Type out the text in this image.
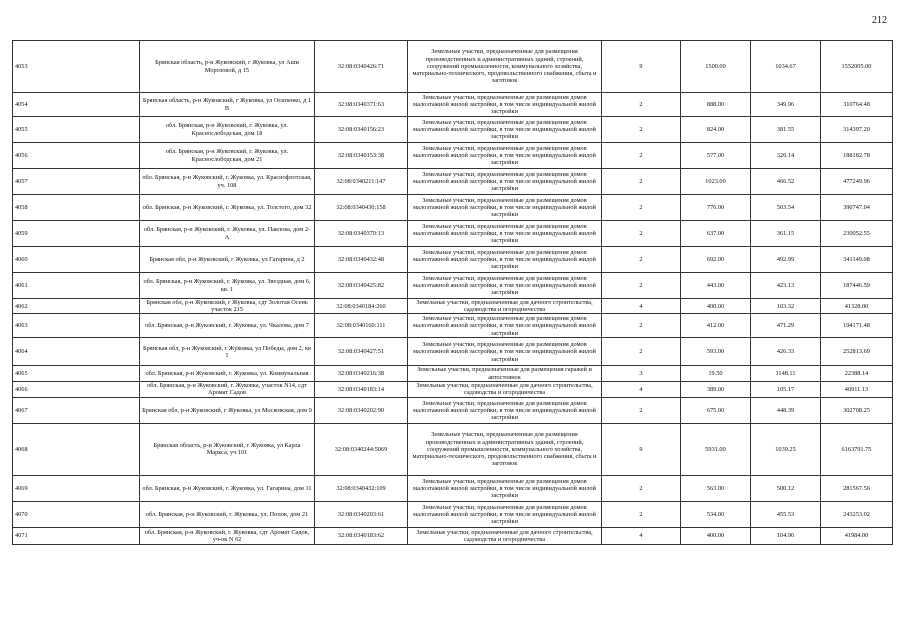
212
4053	Брянская область, р-н Жуковский, г Жуковка, ул Аши Морозовой, д 15	32:08:0340426:71	Земельные участки, предназначенные для размещения производственных и административных зданий, строений, сооружений промышленности, коммунального хозяйства, материально-технического, продовольственного снабжения, сбыта и заготовок	9	1500.00	1034.67	1552005.00
4054	Брянская область, р-н Жуковский, г Жуковка, ул Осипенко, д 1 В	32:08:0340371:63	Земельные участки, предназначенные для размещения домов малоэтажной жилой застройки, в том числе индивидуальной жилой застройки	2	888.00	349.96	310764.48
4055	обл. Брянская, р-н Жуковский, г. Жуковка, ул. Краснослободская, дом 18	32:08:0340156:23	Земельные участки, предназначенные для размещения домов малоэтажной жилой застройки, в том числе индивидуальной жилой застройки	2	824.00	381.55	314397.20
4056	обл. Брянская, р-н Жуковский, г. Жуковка, ул. Краснослободская, дом 21	32:08:0340153:38	Земельные участки, предназначенные для размещения домов малоэтажной жилой застройки, в том числе индивидуальной жилой застройки	2	577.00	326.14	188182.78
4057	обл. Брянская, р-н Жуковский, г. Жуковка, ул. Краснофлотская, уч. 108	32:08:0340211:147	Земельные участки, предназначенные для размещения домов малоэтажной жилой застройки, в том числе индивидуальной жилой застройки	2	1023.00	466.52	477249.96
4058	обл. Брянская, р-н Жуковский, г. Жуковка, ул. Толстого, дом 32	32:08:0340430:158	Земельные участки, предназначенные для размещения домов малоэтажной жилой застройки, в том числе индивидуальной жилой застройки	2	776.00	503.54	390747.04
4059	обл. Брянская, р-н Жуковский, г. Жуковка, ул. Павлова, дом 2-А	32:08:0340370:13	Земельные участки, предназначенные для размещения домов малоэтажной жилой застройки, в том числе индивидуальной жилой застройки	2	637.00	361.15	230052.55
4060	Брянская обл, р-н Жуковский, г Жуковка, ул Гагарина, д 2	32:08:0340432:48	Земельные участки, предназначенные для размещения домов малоэтажной жилой застройки, в том числе индивидуальной жилой застройки	2	692.00	492.99	341149.08
4061	обл. Брянская, р-н Жуковский, г. Жуковка, ул. Звездная, дом 6, кв. 1	32:08:0340425:82	Земельные участки, предназначенные для размещения домов малоэтажной жилой застройки, в том числе индивидуальной жилой застройки	2	443.00	423.13	187446.59
4062	Брянская обл, р-н Жуковский, г Жуковка, сдт Золотая Осень участок 215	32:08:0340184:260	Земельные участки, предназначенные для дачного строительства, садоводства и огородничества	4	400.00	103.32	41328.00
4063	обл. Брянская, р-н Жуковский, г. Жуковка, ул. Чкалова, дом 7	32:08:0340160:111	Земельные участки, предназначенные для размещения домов малоэтажной жилой застройки, в том числе индивидуальной жилой застройки	2	412.00	471.29	194171.48
4064	Брянская обл, р-н Жуковский, г Жуковка, ул Победы, дом 2, кв 1	32:08:0340427:51	Земельные участки, предназначенные для размещения домов малоэтажной жилой застройки, в том числе индивидуальной жилой застройки	2	593.00	426.33	252813.69
4065	обл. Брянская, р-н Жуковский, г. Жуковка, ул. Коммунальная	32:08:0340216:38	Земельные участки, предназначенные для размещения гаражей и автостоянок	3	19.50	1148.11	22388.14
4066	обл. Брянская, р-н Жуковский, г. Жуковка, участок N14, сдт Аромат Садов	32:08:0340183:14	Земельные участки, предназначенные для дачного строительства, садоводства и огородничества	4	389.00	105.17	40911.13
4067	Брянская обл, р-н Жуковский, г Жуковка, ул Московская, дом 9	32:08:0340202:90	Земельные участки, предназначенные для размещения домов малоэтажной жилой застройки, в том числе индивидуальной жилой застройки	2	675.00	448.39	302708.25
4068	Брянская область, р-н Жуковский, г Жуковка, ул Карла Маркса, уч 101	32:08:0340244:5069	Земельные участки, предназначенные для размещения производственных и административных зданий, строений, сооружений промышленности, коммунального хозяйства, материально-технического, продовольственного снабжения, сбыта и заготовок	9	5931.00	1039.25	6163791.75
4069	обл. Брянская, р-н Жуковский, г. Жуковка, ул. Гагарина, дом 11	32:08:0340432:109	Земельные участки, предназначенные для размещения домов малоэтажной жилой застройки, в том числе индивидуальной жилой застройки	2	563.00	500.12	281567.56
4070	обл. Брянская, р-н Жуковский, г. Жуковка, ул. Попок, дом 21	32:08:0340203:61	Земельные участки, предназначенные для размещения домов малоэтажной жилой застройки, в том числе индивидуальной жилой застройки	2	534.00	455.53	243253.02
4071	обл. Брянская, р-н Жуковский, г. Жуковка, сдт Аромат Садов, уч-ок N 62	32:08:0340183:62	Земельные участки, предназначенные для дачного строительства, садоводства и огородничества	4	400.00	104.96	41984.00
